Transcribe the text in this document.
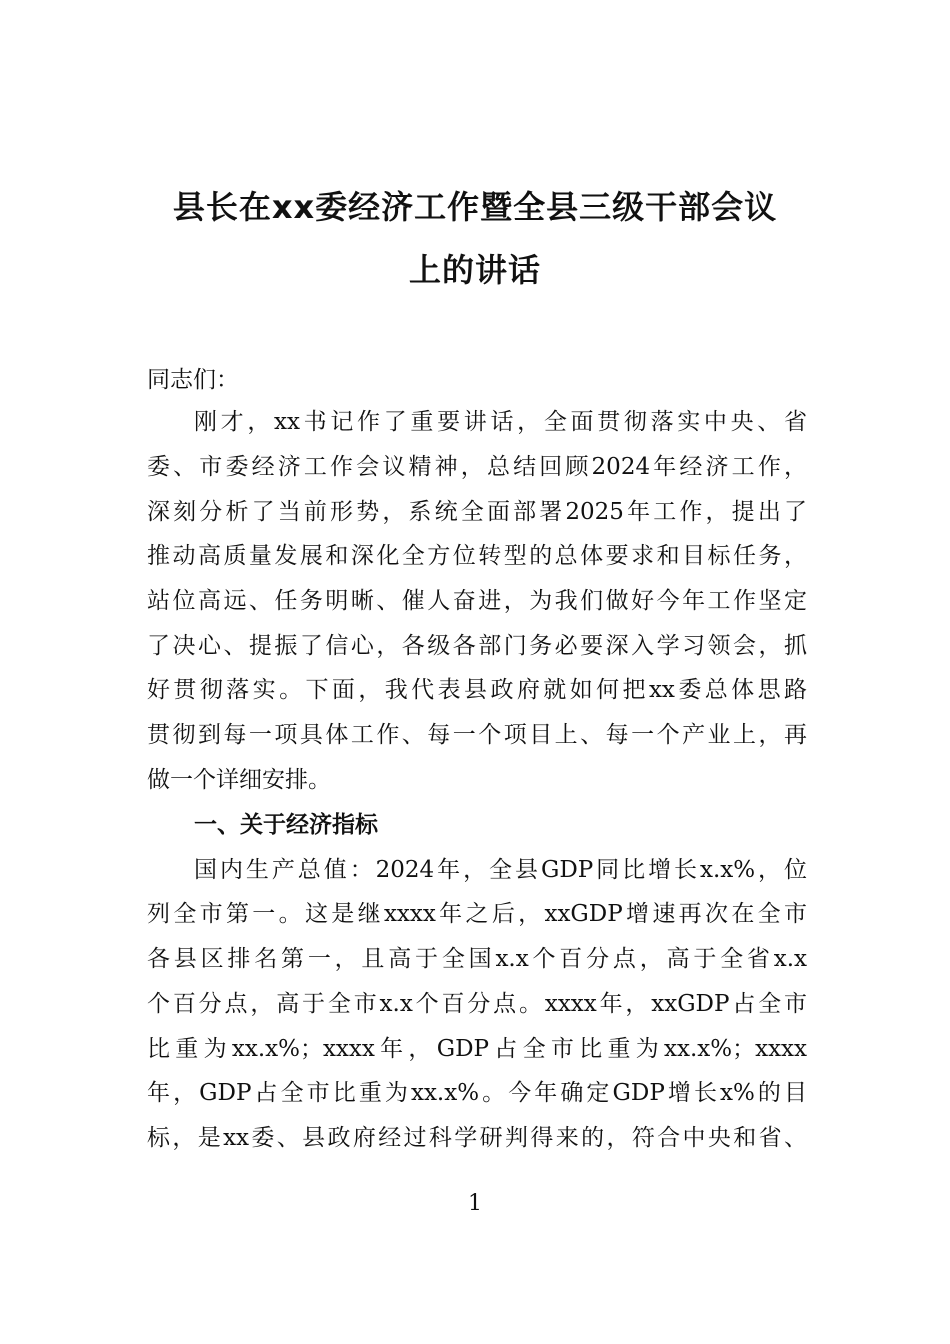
县长在xx委经济工作暨全县三级干部会议
上的讲话

同志们：

刚才，xx书记作了重要讲话，全面贯彻落实中央、省

委、市委经济工作会议精神，总结回顾2024年经济工作，

深刻分析了当前形势，系统全面部署2025年工作，提出了

推动高质量发展和深化全方位转型的总体要求和目标任务，

站位高远、任务明晰、催人奋进，为我们做好今年工作坚定

了决心、提振了信心，各级各部门务必要深入学习领会，抓

好贯彻落实。下面，我代表县政府就如何把xx委总体思路

贯彻到每一项具体工作、每一个项目上、每一个产业上，再

做一个详细安排。

一、关于经济指标

国内生产总值：2024年，全县GDP同比增长x.x%，位

列全市第一。这是继xxxx年之后，xxGDP增速再次在全市

各县区排名第一，且高于全国x.x个百分点，高于全省x.x

个百分点，高于全市x.x个百分点。xxxx年，xxGDP占全市

比重为xx.x%；xxxx年，GDP占全市比重为xx.x%；xxxx

年，GDP占全市比重为xx.x%。今年确定GDP增长x%的目

标，是xx委、县政府经过科学研判得来的，符合中央和省、

1
